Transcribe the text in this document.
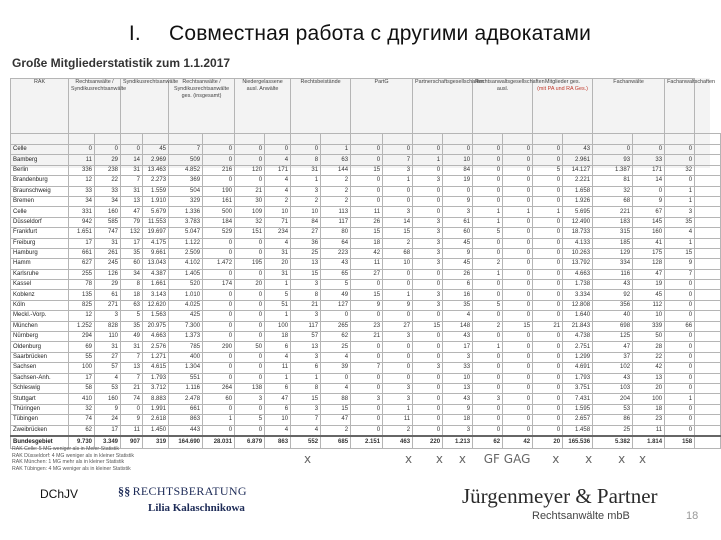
I. Совместная работа с другими адвокатами
Große Mitgliederstatistik zum 1.1.2017
RAK	Rechtsanwälte / Syndikusrechtsanwälte		Syndikusrechtsanwälte		Rechtsanwälte / Syndikusrechtsanwälte ges. (insgesamt)		Niedergelassene ausl. Anwälte		Rechtsbeistände		PartG		Partnerschaftsgesellschaften		Rechtsanwaltsgesellschaften ausl.		Mitglieder ges.
(mit PA und RA Ges.)		Fachanwälte		Fachanwaltschaften	

Celle	0	0	0	45	7	0	0	0	0	1	0	0	0	0	0	0	0	43	0	0	0	
Bamberg	11	29	14	2.969	509	0	0	4	8	63	0	7	1	10	0	0	0	2.961	93	33	0	
Berlin	336	238	31	13.463	4.852	216	120	171	31	144	15	3	0	84	0	0	5	14.127	1.387	171	32	
Brandenburg	12	22	7	2.273	369	0	0	4	1	2	0	1	3	19	0	0	0	2.221	81	14	0	
Braunschweig	33	33	31	1.559	504	190	21	4	3	2	0	0	0	0	0	0	0	1.658	32	0	1	
Bremen	34	34	13	1.910	329	161	30	2	2	2	0	0	0	9	0	0	0	1.926	68	9	1	
Celle	331	160	47	5.679	1.336	500	109	10	10	113	11	3	0	3	1	1	1	5.695	221	67	3	
Düsseldorf	942	585	79	11.553	3.783	184	32	71	84	117	26	14	3	61	1	0	0	12.490	183	145	35	
Frankfurt	1.651	747	132	19.697	5.047	529	151	234	27	80	15	15	3	60	5	0	0	18.733	315	160	4	
Freiburg	17	31	17	4.175	1.122	0	0	4	36	64	18	2	3	45	0	0	0	4.133	185	41	1	
Hamburg	661	261	35	9.661	2.509	0	0	31	25	223	42	68	3	9	0	0	0	10.263	129	175	15	
Hamm	627	245	60	13.043	4.102	1.472	195	20	13	43	11	10	3	45	2	0	0	13.792	334	128	9	
Karlsruhe	255	126	34	4.387	1.405	0	0	31	15	65	27	0	0	26	1	0	0	4.663	116	47	7	
Kassel	78	29	8	1.661	520	174	20	1	3	5	0	0	0	6	0	0	0	1.738	43	19	0	
Koblenz	135	61	18	3.143	1.010	0	0	5	8	49	15	1	3	16	0	0	0	3.334	92	45	0	
Köln	825	271	63	12.620	4.025	0	0	51	21	127	9	9	3	35	5	0	0	12.808	356	112	0	
Meckl.-Vorp.	12	3	5	1.563	425	0	0	1	3	0	0	0	0	4	0	0	0	1.640	40	10	0	
München	1.252	828	35	20.975	7.300	0	0	100	117	265	23	27	15	148	2	15	21	21.843	698	339	66	
Nürnberg	294	110	49	4.663	1.373	0	0	18	57	62	21	3	0	43	0	0	0	4.738	125	50	0	
Oldenburg	69	31	31	2.576	785	290	50	6	13	25	0	0	0	17	1	0	0	2.751	47	28	0	
Saarbrücken	55	27	7	1.271	400	0	0	4	3	4	0	0	0	3	0	0	0	1.299	37	22	0	
Sachsen	100	57	13	4.615	1.304	0	0	11	6	39	7	0	3	33	0	0	0	4.691	102	42	0	
Sachsen-Anh.	17	4	7	1.793	551	0	0	1	1	0	0	0	0	10	0	0	0	1.793	43	13	0	
Schleswig	58	53	21	3.712	1.116	264	138	6	8	4	0	3	0	13	0	0	0	3.751	103	20	0	
Stuttgart	410	160	74	8.883	2.478	60	3	47	15	88	3	3	0	43	3	0	0	7.431	204	100	1	
Thüringen	32	9	0	1.991	661	0	0	6	3	15	0	1	0	9	0	0	0	1.595	53	18	0	
Tübingen	74	24	9	2.618	863	1	5	10	7	47	0	11	0	18	0	0	0	2.657	86	23	0	
Zweibrücken	62	17	11	1.450	443	0	0	4	4	2	0	2	0	3	0	0	0	1.458	25	11	0	
Bundesgebiet	9.730	3.349	907	319	164.690	28.031	6.879	863	552	685	2.151	463	220	1.213	62	42	20	165.536	5.382	1.814	158	
RAK Celle: 5 MG weniger als in Meier-Statistik
RAK Düsseldorf: 4 MG weniger als in kleiner Statistik
RAK München: 1 MG mehr als in kleiner Statistik
RAK Tübingen: 4 MG weniger als in kleiner Statistik
x	x x x GF GAG x x x x
DChJV	§§ RECHTSBERATUNG
Lilia Kalaschnikowa	Jürgenmeyer & Partner
Rechtsanwälte mbB	18
